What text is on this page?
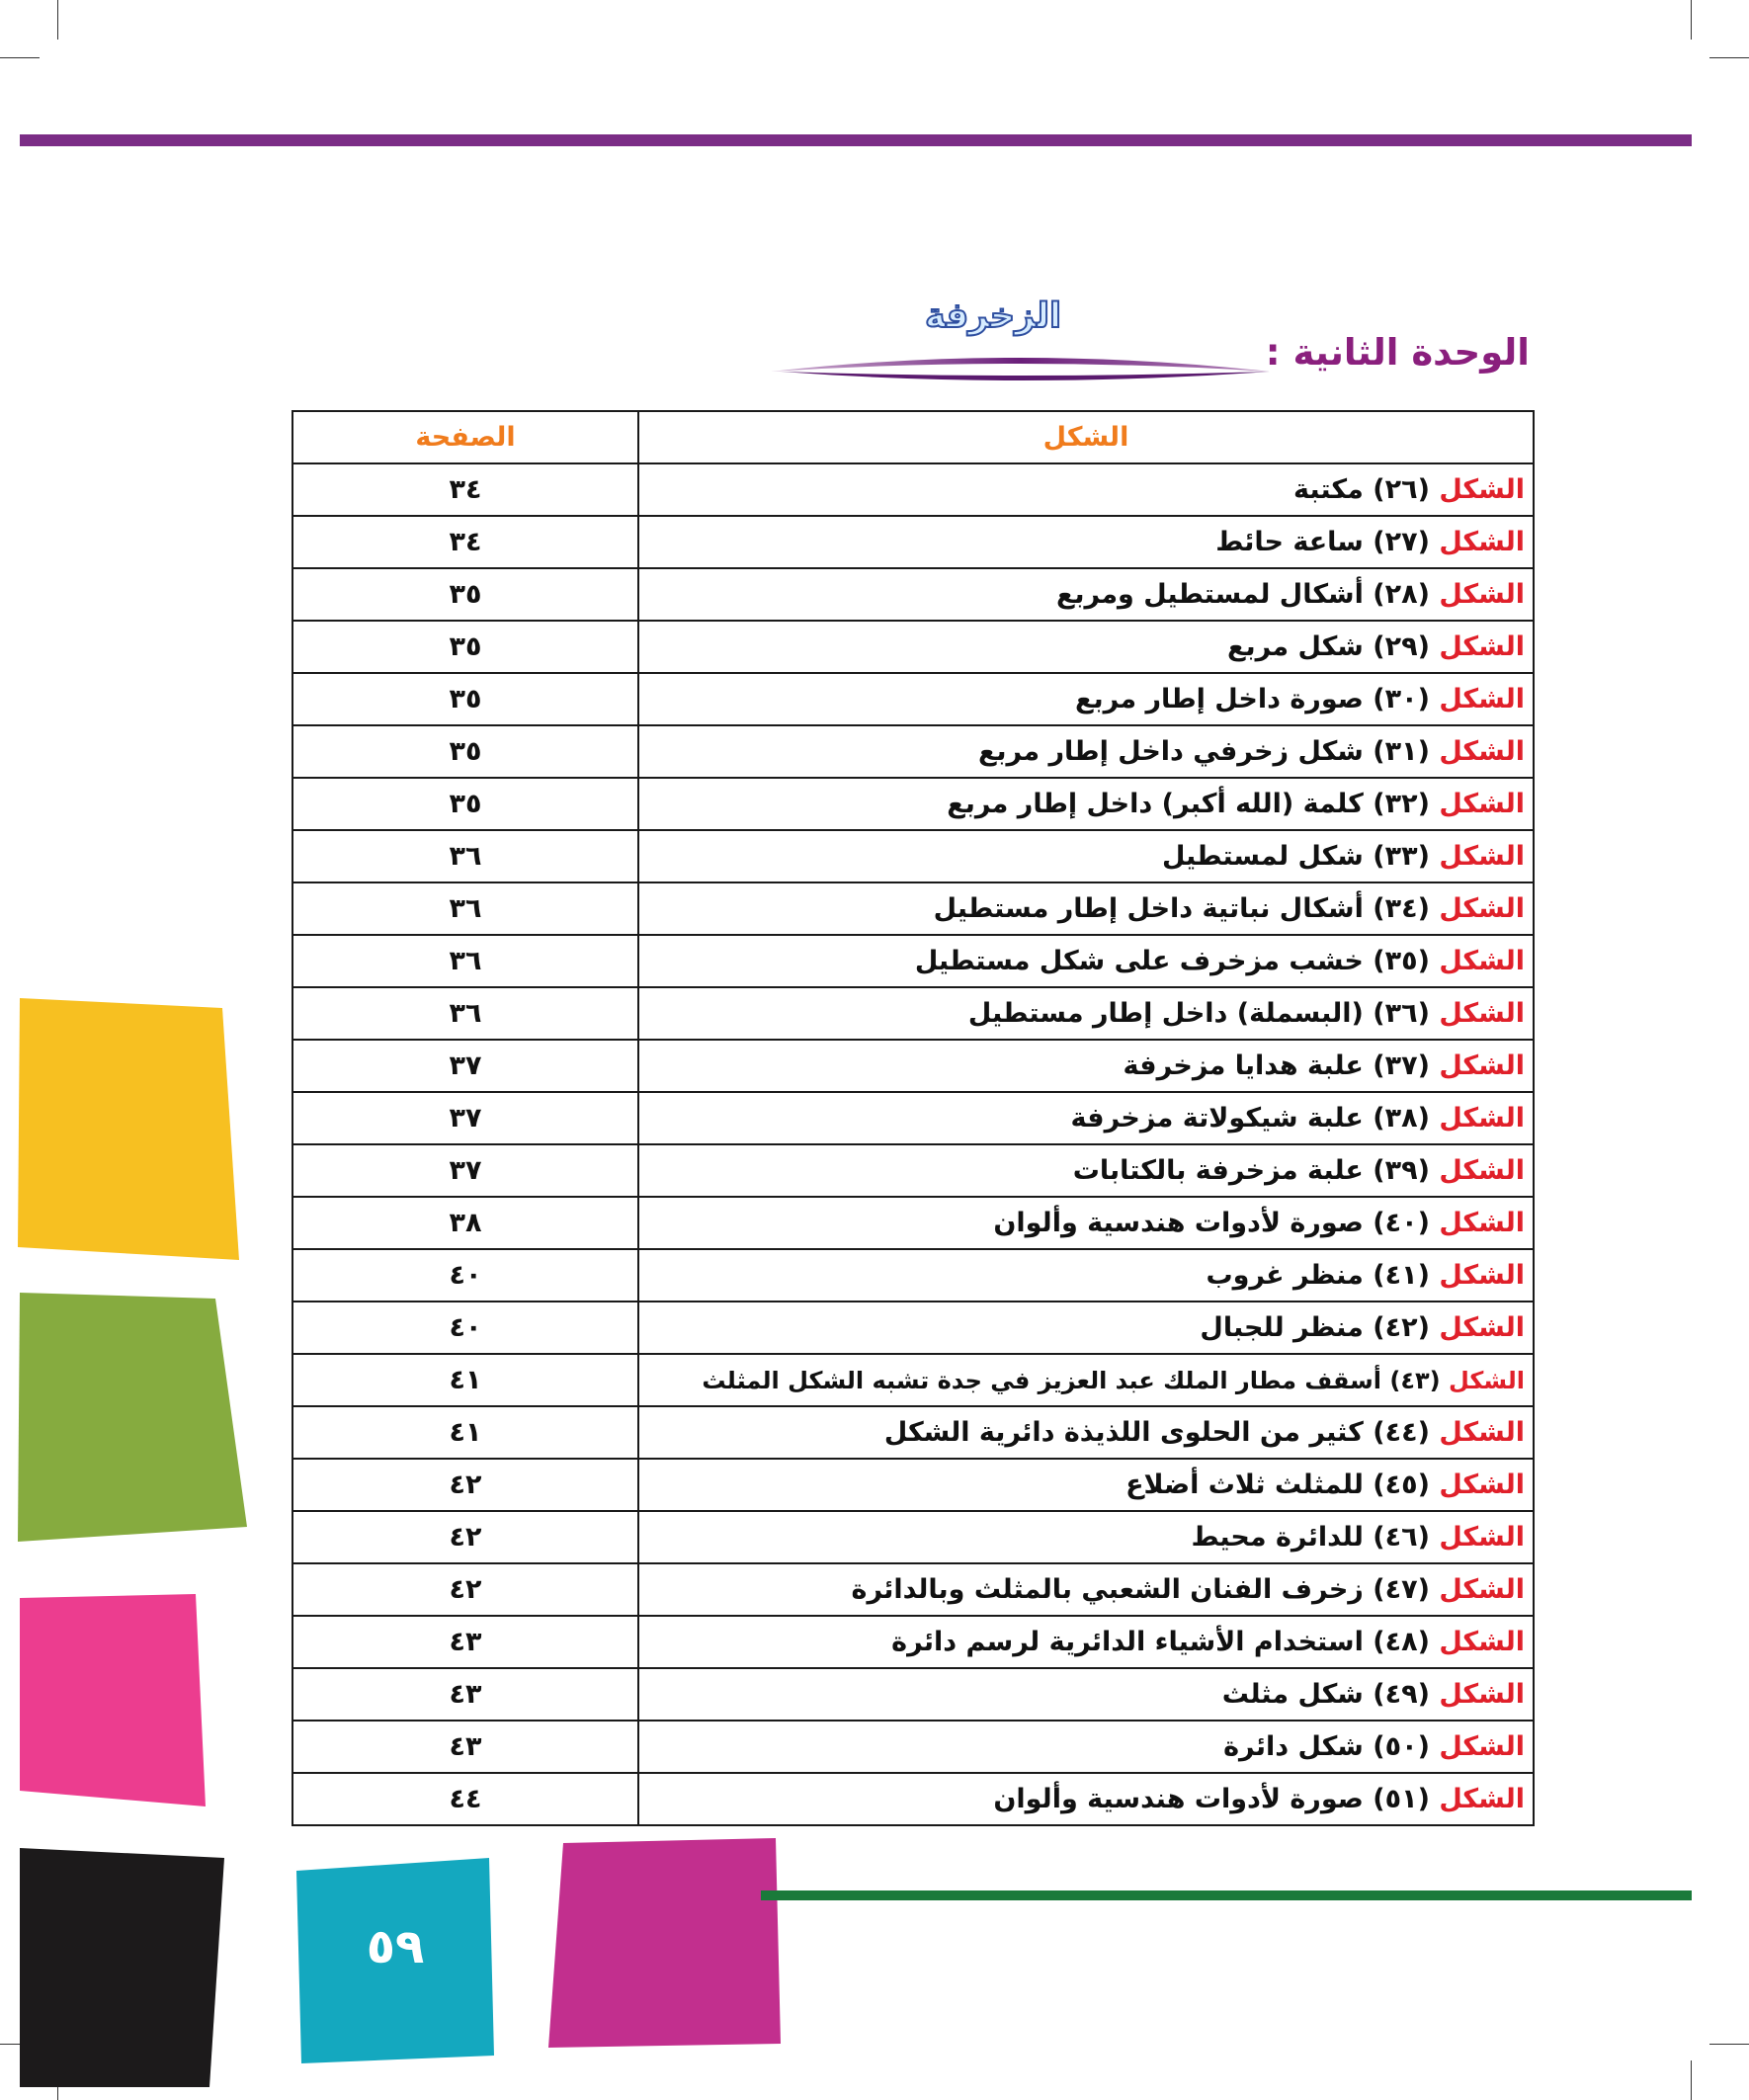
الزخرفة
الوحدة الثانية :
الشكل	الصفحة
الشكل (٢٦) مكتبة	٣٤
الشكل (٢٧) ساعة حائط	٣٤
الشكل (٢٨) أشكال لمستطيل ومربع	٣٥
الشكل (٢٩) شكل مربع	٣٥
الشكل (٣٠) صورة داخل إطار مربع	٣٥
الشكل (٣١) شكل زخرفي داخل إطار مربع	٣٥
الشكل (٣٢) كلمة (الله أكبر) داخل إطار مربع	٣٥
الشكل (٣٣) شكل لمستطيل	٣٦
الشكل (٣٤) أشكال نباتية داخل إطار مستطيل	٣٦
الشكل (٣٥) خشب مزخرف على شكل مستطيل	٣٦
الشكل (٣٦) (البسملة) داخل إطار مستطيل	٣٦
الشكل (٣٧) علبة هدايا مزخرفة	٣٧
الشكل (٣٨) علبة شيكولاتة مزخرفة	٣٧
الشكل (٣٩) علبة مزخرفة بالكتابات	٣٧
الشكل (٤٠) صورة لأدوات هندسية وألوان	٣٨
الشكل (٤١) منظر غروب	٤٠
الشكل (٤٢) منظر للجبال	٤٠
الشكل (٤٣) أسقف مطار الملك عبد العزيز في جدة تشبه الشكل المثلث	٤١
الشكل (٤٤) كثير من الحلوى اللذيذة دائرية الشكل	٤١
الشكل (٤٥) للمثلث ثلاث أضلاع	٤٢
الشكل (٤٦) للدائرة محيط	٤٢
الشكل (٤٧) زخرف الفنان الشعبي بالمثلث وبالدائرة	٤٢
الشكل (٤٨) استخدام الأشياء الدائرية لرسم دائرة	٤٣
الشكل (٤٩) شكل مثلث	٤٣
الشكل (٥٠) شكل دائرة	٤٣
الشكل (٥١) صورة لأدوات هندسية وألوان	٤٤
٥٩
